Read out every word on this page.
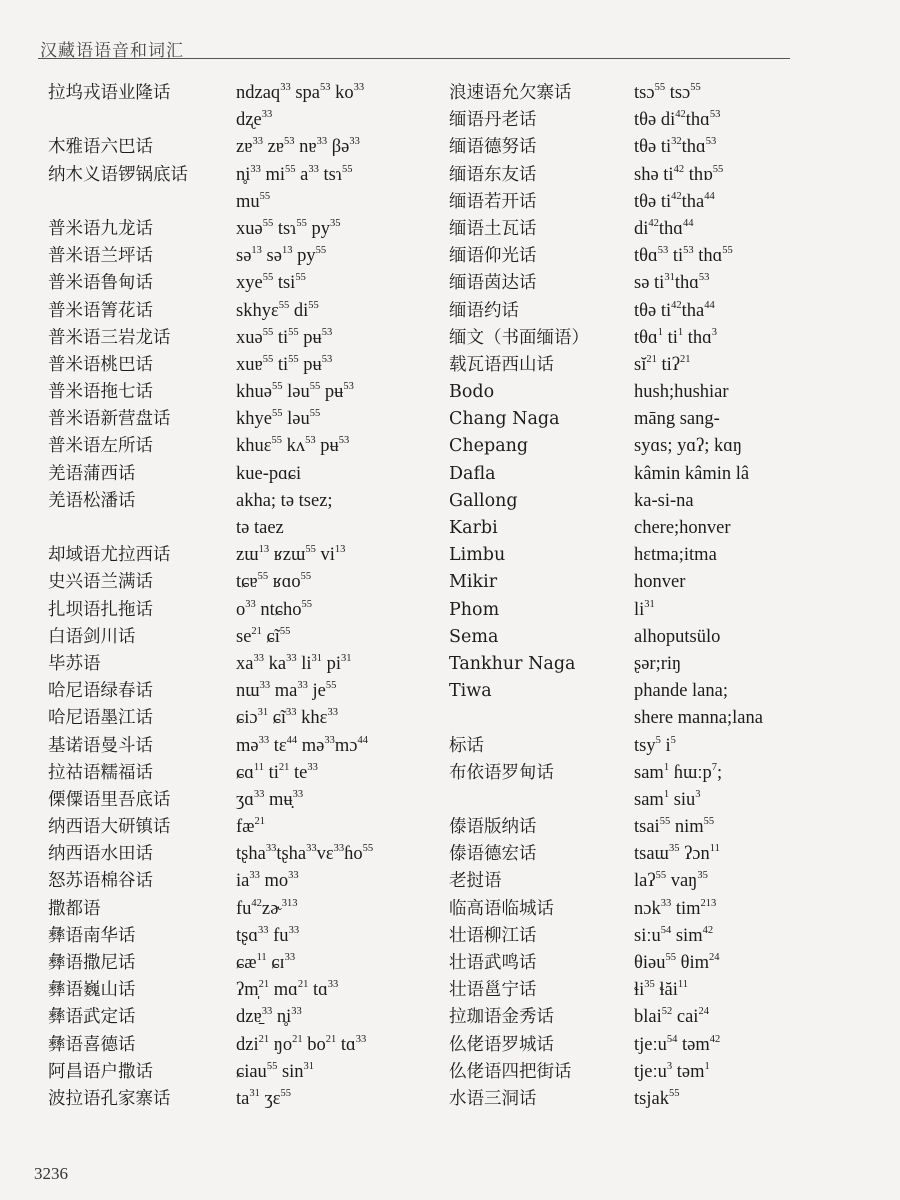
汉藏语语音和词汇
拉坞戎语业隆话
木雅语六巴话
纳木义语锣锅底话
普米语九龙话
普米语兰坪话
普米语鲁甸话
普米语箐花话
普米语三岩龙话
普米语桃巴话
普米语拖七话
普米语新营盘话
普米语左所话
羌语蒲西话
羌语松潘话
却域语尤拉西话
史兴语兰满话
扎坝语扎拖话
白语剑川话
毕苏语
哈尼语绿春话
哈尼语墨江话
基诺语曼斗话
拉祜语糯福话
傈僳语里吾底话
纳西语大研镇话
纳西语水田话
怒苏语棉谷话
撒都语
彝语南华话
彝语撒尼话
彝语巍山话
彝语武定话
彝语喜德话
阿昌语户撒话
波拉语孔家寨话
ndzaq$^{33}$ spa$^{53}$ $ko^{33}$
dʐe$^{33}$
zɐ$^{33}$ zɐ$^{53}$ nɐ$^{33}$ βə$^{33}$
$n̥i^{33}$ $mi^{55}$ $a^{33}$ tsɿ$^{55}$
$mu^{55}$
xuə$^{55}$ tsɿ$^{55}$ $py^{35}$
sə$^{13}$ sə$^{13}$ $py^{55}$
xye$^{55}$ tsi$^{55}$
skhyɛ$^{55}$ $di^{55}$
xuə$^{55}$ $ti^{55}$ pʉ$^{53}$
xuɐ$^{55}$ $ti^{55}$ pʉ$^{53}$
khuə$^{55}$ ləu$^{55}$ pʉ$^{53}$
khye$^{55}$ ləu$^{55}$
khuɛ$^{55}$ kʌ$^{53}$ pʉ$^{53}$
kue-pɑɕi
akha; tə tsez;
tə taez
zɯ$^{13}$ ʁzɯ$^{55}$ $vi^{13}$
tɕɐ$^{55}$ ʁɑo$^{55}$
$o^{33}$ ntɕho$^{55}$
$se^{21}$ ɕĩ$^{55}$
$xa^{33}$ $ka^{33}$ $li^{31}$ $pi^{31}$
nɯ$^{33}$ $ma^{33}$ $je^{55}$
ɕiɔ$^{31}$ ɕĩ$^{33}$ khɛ$^{33}$
mə$^{33}$ tɛ$^{44}$ mə$^{33}$mɔ$^{44}$
ɕɑ$^{11}$ $ti^{21}$ $te^{33}$
ʒɑ$^{33}$ mʉ̣$^{33}$
$fæ^{21}$
tʂha$^{33}$tʂha$^{33}$vɛ$^{33}$ɦo$^{55}$
$ia^{33}$ $mo^{33}$
$fu^{42}zɚ^{313}$
tʂɑ$^{33}$ $fu^{33}$
ɕæ$^{11}$ ɕɪ$^{33}$
ʔm̩$^{21}$ mɑ$^{21}$ tɑ$^{33}$
dzɐ̱$^{33}$ $n̥i^{33}$
dzi$^{21}$ $ŋo^{21}$ $bo^{21}$ tɑ$^{33}$
ɕiau$^{55}$ $\sin^{31}$
$ta^{31}$ ʒɛ$^{55}$
浪速语允欠寨话
缅语丹老话
缅语德努话
缅语东友话
缅语若开话
缅语土瓦话
缅语仰光话
缅语茵达话
缅语约话
缅文（书面缅语）
载瓦语西山话
Bodo
Chang Naga
Chepang
Dafla
Gallong
Karbi
Limbu
Mikir
Phom
Sema
Tankhur Naga
Tiwa
标话
布依语罗甸话
傣语版纳话
傣语德宏话
老挝语
临高语临城话
壮语柳江话
壮语武鸣话
壮语邕宁话
拉珈语金秀话
仫佬语罗城话
仫佬语四把街话
水语三洞话
tsɔ$^{55}$ tsɔ$^{55}$
tθə $di^{42}thɑ^{53}$
tθə $ti^{32}thɑ^{53}$
shə $ti^{42}$ thɒ$^{55}$
tθə $ti^{42}tha^{44}$
$di^{42}thɑ^{44}$
tθɑ$^{53}$ $ti^{53}$ thɑ$^{55}$
sə $ti^{31}thɑ^{53}$
tθə $ti^{42}tha^{44}$
tθɑ$^1$ $ti^1$ thɑ$^3$
$sĭ^{21}$ tiʔ$^{21}$
hush;hushiar
māng sang-
syɑs; yɑʔ; kɑŋ
kâmin kâmin lâ
ka-si-na
chere;honver
hɛtma;itma
honver
$li^{31}$
alhoputsülo
ʂər;riŋ
phande lana;
shere manna;lana
tsy$^5$ $i^5$
sam$^1$ ɦɯːp$^7$;
sam$^1$ siu$^3$
tsai$^{55}$ nim$^{55}$
tsaɯ$^{35}$ ʔɔn$^{11}$
laʔ$^{55}$ vaŋ$^{35}$
nɔk$^{33}$ tim$^{213}$
siːu$^{54}$ sim$^{42}$
θiəu$^{55}$ θim$^{24}$
ɬi$^{35}$ ɬăi$^{11}$
blai$^{52}$ cai$^{24}$
tjeːu$^{54}$ təm$^{42}$
tjeːu$^3$ təm$^1$
tsjak$^{55}$
3236
